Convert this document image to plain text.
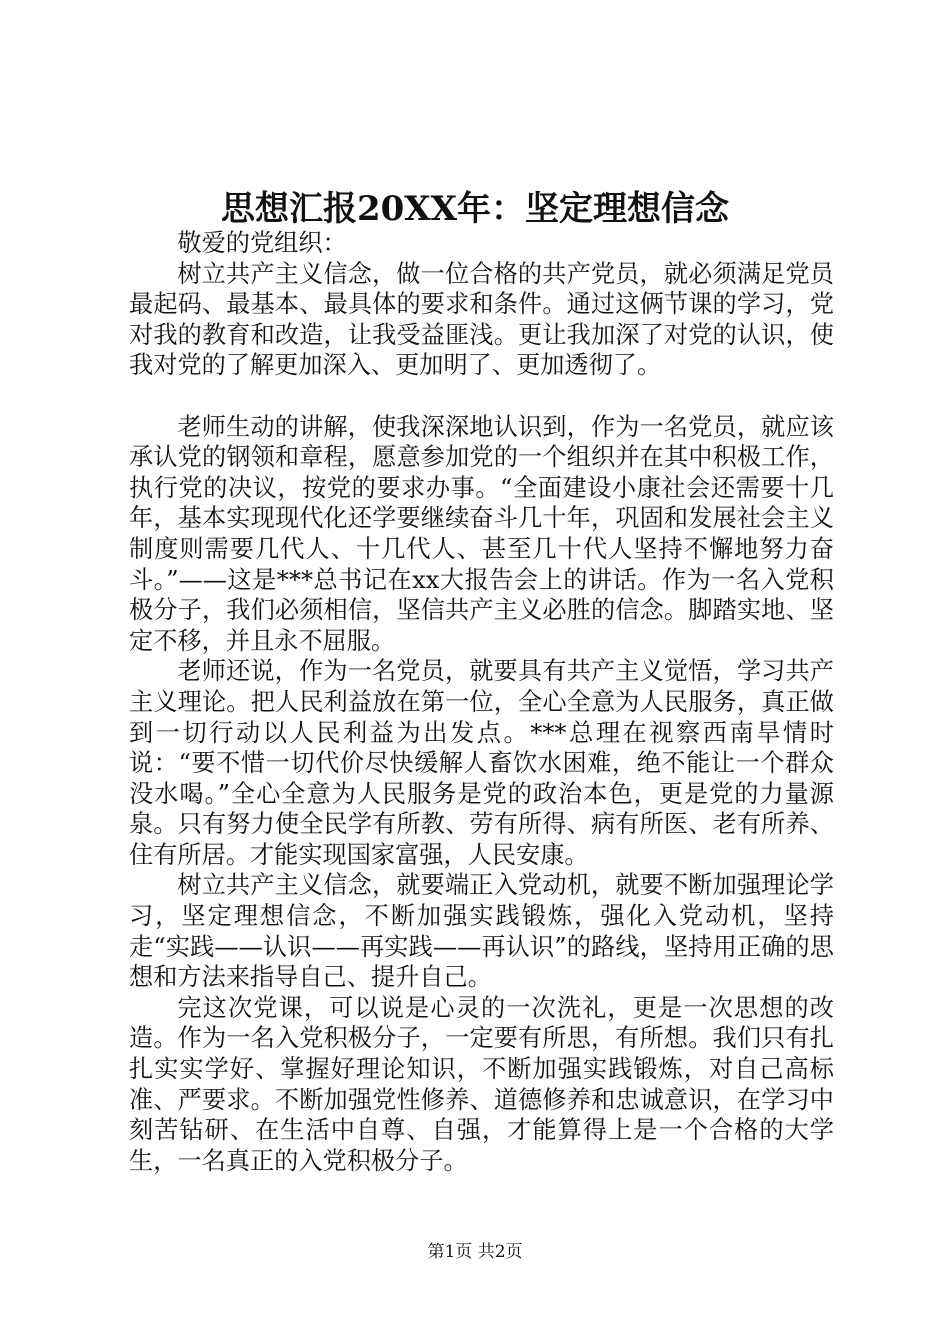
思想汇报20XX年：坚定理想信念

敬爱的党组织：

树立共产主义信念，做一位合格的共产党员，就必须满足党员最起码、最基本、最具体的要求和条件。通过这俩节课的学习，党对我的教育和改造，让我受益匪浅。更让我加深了对党的认识，使我对党的了解更加深入、更加明了、更加透彻了。

老师生动的讲解，使我深深地认识到，作为一名党员，就应该承认党的钢领和章程，愿意参加党的一个组织并在其中积极工作，执行党的决议，按党的要求办事。“全面建设小康社会还需要十几年，基本实现现代化还学要继续奋斗几十年，巩固和发展社会主义制度则需要几代人、十几代人、甚至几十代人坚持不懈地努力奋斗。”——这是***总书记在xx大报告会上的讲话。作为一名入党积极分子，我们必须相信，坚信共产主义必胜的信念。脚踏实地、坚定不移，并且永不屈服。

老师还说，作为一名党员，就要具有共产主义觉悟，学习共产主义理论。把人民利益放在第一位，全心全意为人民服务，真正做到一切行动以人民利益为出发点。***总理在视察西南旱情时说：“要不惜一切代价尽快缓解人畜饮水困难，绝不能让一个群众没水喝。”全心全意为人民服务是党的政治本色，更是党的力量源泉。只有努力使全民学有所教、劳有所得、病有所医、老有所养、住有所居。才能实现国家富强，人民安康。

树立共产主义信念，就要端正入党动机，就要不断加强理论学习，坚定理想信念，不断加强实践锻炼，强化入党动机，坚持走“实践——认识——再实践——再认识”的路线，坚持用正确的思想和方法来指导自己、提升自己。

完这次党课，可以说是心灵的一次洗礼，更是一次思想的改造。作为一名入党积极分子，一定要有所思，有所想。我们只有扎扎实实学好、掌握好理论知识，不断加强实践锻炼，对自己高标准、严要求。不断加强党性修养、道德修养和忠诚意识，在学习中刻苦钻研、在生活中自尊、自强，才能算得上是一个合格的大学生，一名真正的入党积极分子。

第1页 共2页
